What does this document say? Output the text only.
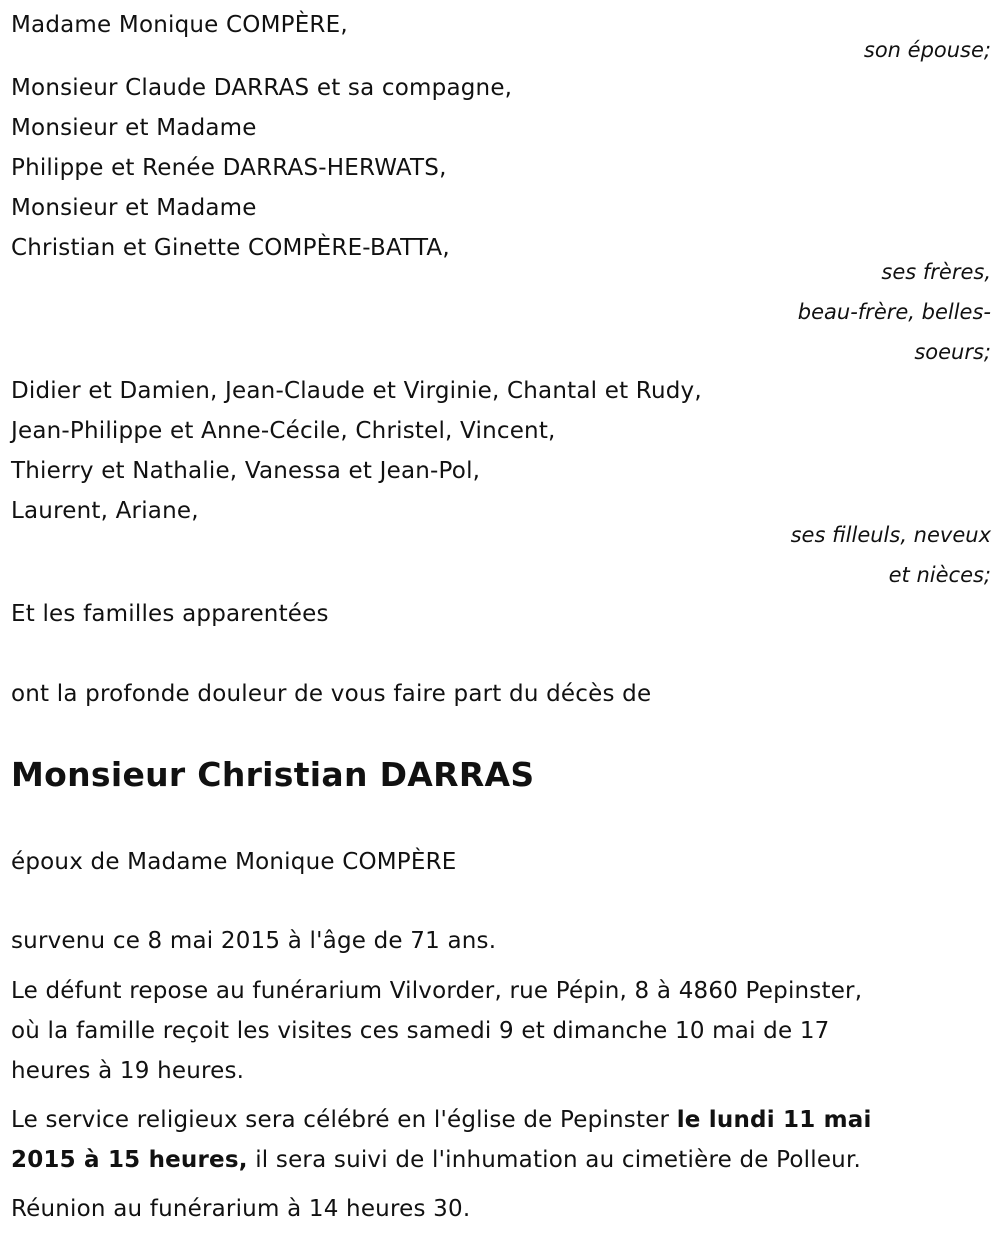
Madame Monique COMPÈRE,
son épouse;
Monsieur Claude DARRAS et sa compagne,
Monsieur et Madame
Philippe et Renée DARRAS-HERWATS,
Monsieur et Madame
Christian et Ginette COMPÈRE-BATTA,
ses frères,
beau-frère, belles-
soeurs;
Didier et Damien, Jean-Claude et Virginie, Chantal et Rudy,
Jean-Philippe et Anne-Cécile, Christel, Vincent,
Thierry et Nathalie, Vanessa et Jean-Pol,
Laurent, Ariane,
ses filleuls, neveux
et nièces;
Et les familles apparentées
ont la profonde douleur de vous faire part du décès de
Monsieur Christian DARRAS
époux de Madame Monique COMPÈRE
survenu ce 8 mai 2015 à l'âge de 71 ans.
Le défunt repose au funérarium Vilvorder, rue Pépin, 8 à 4860 Pepinster,
où la famille reçoit les visites ces samedi 9 et dimanche 10 mai de 17
heures à 19 heures.
Le service religieux sera célébré en l'église de Pepinster le lundi 11 mai
2015 à 15 heures, il sera suivi de l'inhumation au cimetière de Polleur.
Réunion au funérarium à 14 heures 30.
